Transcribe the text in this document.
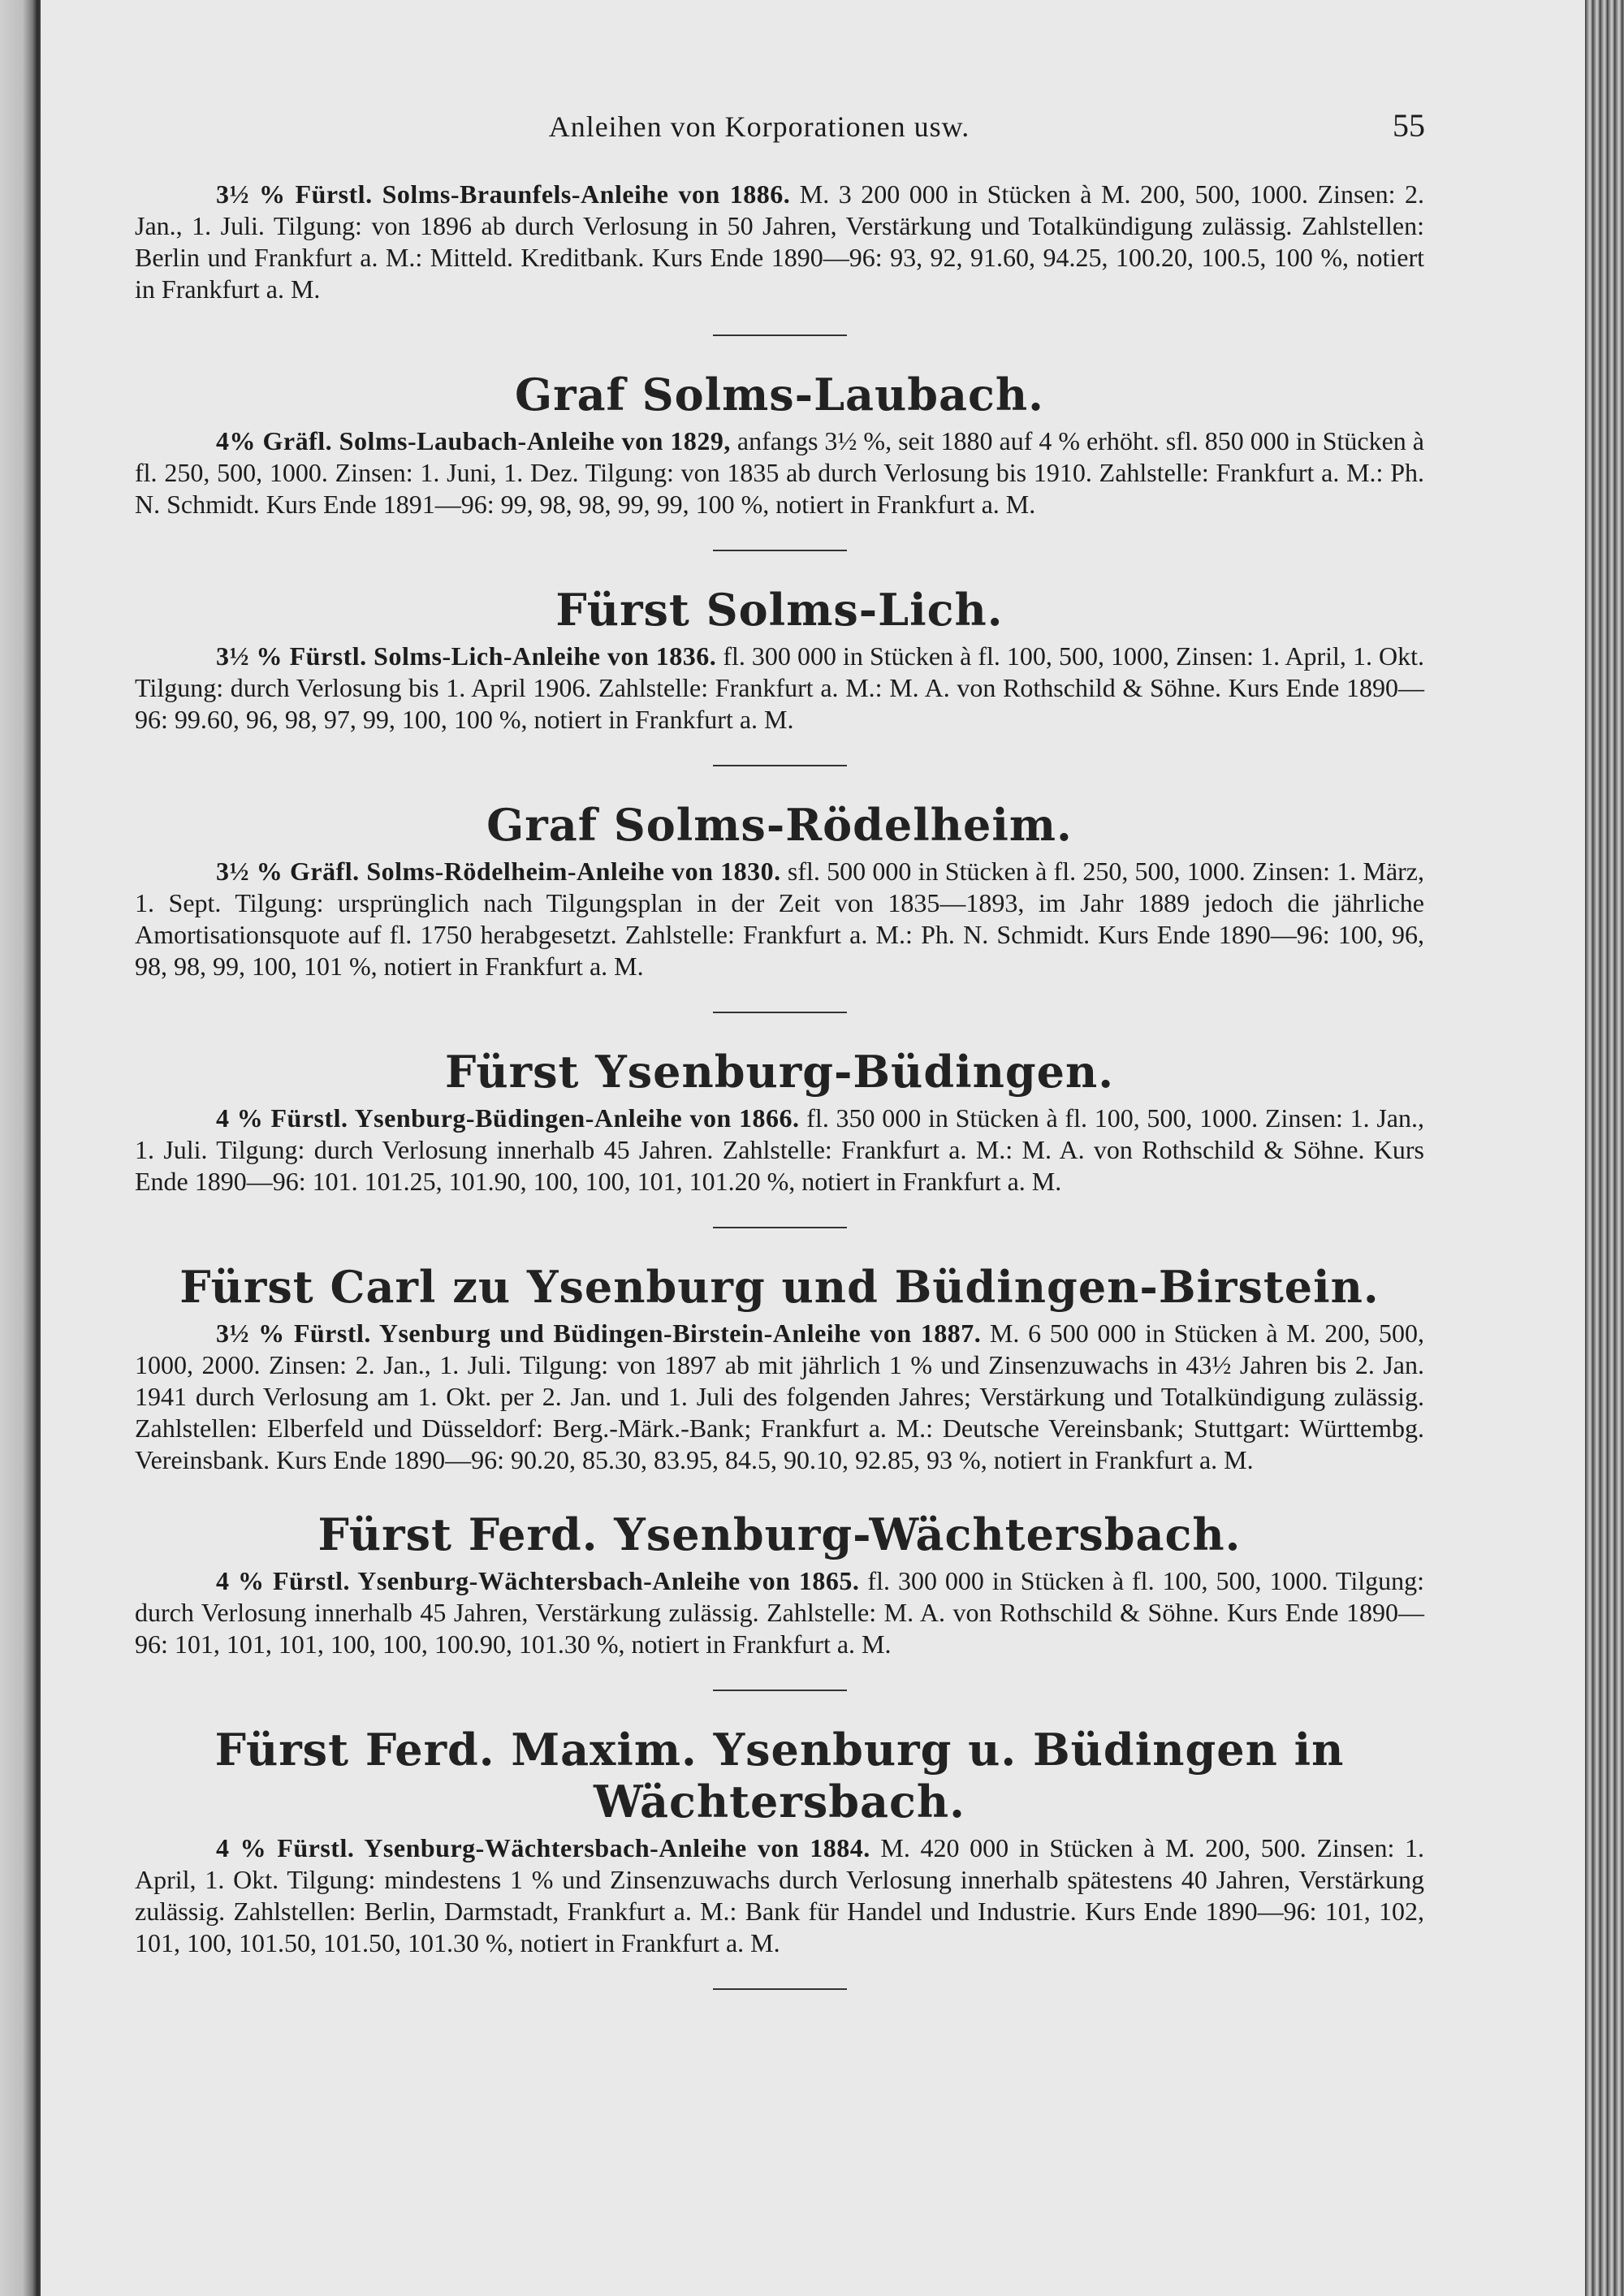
Anleihen von Korporationen usw.	55

3½ % Fürstl. Solms-Braunfels-Anleihe von 1886. M. 3 200 000 in Stücken à M. 200, 500, 1000. Zinsen: 2. Jan., 1. Juli. Tilgung: von 1896 ab durch Verlosung in 50 Jahren, Verstärkung und Totalkündigung zulässig. Zahlstellen: Berlin und Frankfurt a. M.: Mitteld. Kreditbank. Kurs Ende 1890—96: 93, 92, 91.60, 94.25, 100.20, 100.5, 100 %, notiert in Frankfurt a. M.

Graf Solms-Laubach.

4% Gräfl. Solms-Laubach-Anleihe von 1829, anfangs 3½ %, seit 1880 auf 4 % erhöht. sfl. 850 000 in Stücken à fl. 250, 500, 1000. Zinsen: 1. Juni, 1. Dez. Tilgung: von 1835 ab durch Verlosung bis 1910. Zahlstelle: Frankfurt a. M.: Ph. N. Schmidt. Kurs Ende 1891—96: 99, 98, 98, 99, 99, 100 %, notiert in Frankfurt a. M.

Fürst Solms-Lich.

3½ % Fürstl. Solms-Lich-Anleihe von 1836. fl. 300 000 in Stücken à fl. 100, 500, 1000, Zinsen: 1. April, 1. Okt. Tilgung: durch Verlosung bis 1. April 1906. Zahlstelle: Frankfurt a. M.: M. A. von Rothschild & Söhne. Kurs Ende 1890—96: 99.60, 96, 98, 97, 99, 100, 100 %, notiert in Frankfurt a. M.

Graf Solms-Rödelheim.

3½ % Gräfl. Solms-Rödelheim-Anleihe von 1830. sfl. 500 000 in Stücken à fl. 250, 500, 1000. Zinsen: 1. März, 1. Sept. Tilgung: ursprünglich nach Tilgungsplan in der Zeit von 1835—1893, im Jahr 1889 jedoch die jährliche Amortisationsquote auf fl. 1750 herabgesetzt. Zahlstelle: Frankfurt a. M.: Ph. N. Schmidt. Kurs Ende 1890—96: 100, 96, 98, 98, 99, 100, 101 %, notiert in Frankfurt a. M.

Fürst Ysenburg-Büdingen.

4 % Fürstl. Ysenburg-Büdingen-Anleihe von 1866. fl. 350 000 in Stücken à fl. 100, 500, 1000. Zinsen: 1. Jan., 1. Juli. Tilgung: durch Verlosung innerhalb 45 Jahren. Zahlstelle: Frankfurt a. M.: M. A. von Rothschild & Söhne. Kurs Ende 1890—96: 101. 101.25, 101.90, 100, 100, 101, 101.20 %, notiert in Frankfurt a. M.

Fürst Carl zu Ysenburg und Büdingen-Birstein.

3½ % Fürstl. Ysenburg und Büdingen-Birstein-Anleihe von 1887. M. 6 500 000 in Stücken à M. 200, 500, 1000, 2000. Zinsen: 2. Jan., 1. Juli. Tilgung: von 1897 ab mit jährlich 1 % und Zinsenzuwachs in 43½ Jahren bis 2. Jan. 1941 durch Verlosung am 1. Okt. per 2. Jan. und 1. Juli des folgenden Jahres; Verstärkung und Totalkündigung zulässig. Zahlstellen: Elberfeld und Düsseldorf: Berg.-Märk.-Bank; Frankfurt a. M.: Deutsche Vereinsbank; Stuttgart: Württembg. Vereinsbank. Kurs Ende 1890—96: 90.20, 85.30, 83.95, 84.5, 90.10, 92.85, 93 %, notiert in Frankfurt a. M.

Fürst Ferd. Ysenburg-Wächtersbach.

4 % Fürstl. Ysenburg-Wächtersbach-Anleihe von 1865. fl. 300 000 in Stücken à fl. 100, 500, 1000. Tilgung: durch Verlosung innerhalb 45 Jahren, Verstärkung zulässig. Zahlstelle: M. A. von Rothschild & Söhne. Kurs Ende 1890—96: 101, 101, 101, 100, 100, 100.90, 101.30 %, notiert in Frankfurt a. M.

Fürst Ferd. Maxim. Ysenburg u. Büdingen in Wächtersbach.

4 % Fürstl. Ysenburg-Wächtersbach-Anleihe von 1884. M. 420 000 in Stücken à M. 200, 500. Zinsen: 1. April, 1. Okt. Tilgung: mindestens 1 % und Zinsenzuwachs durch Verlosung innerhalb spätestens 40 Jahren, Verstärkung zulässig. Zahlstellen: Berlin, Darmstadt, Frankfurt a. M.: Bank für Handel und Industrie. Kurs Ende 1890—96: 101, 102, 101, 100, 101.50, 101.50, 101.30 %, notiert in Frankfurt a. M.
